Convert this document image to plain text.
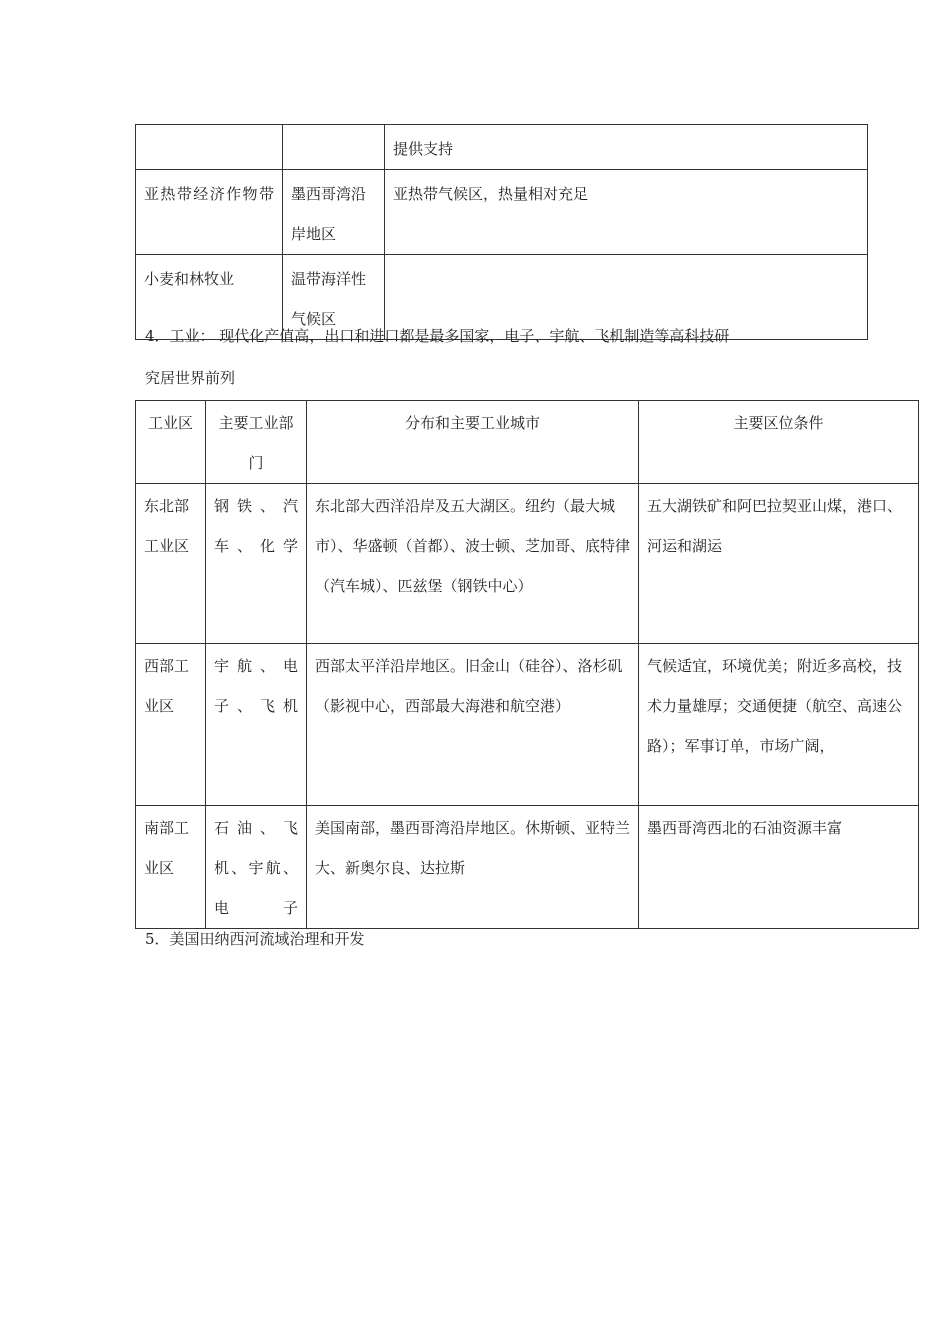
		提供支持
亚热带经济作物带	墨西哥湾沿岸地区	亚热带气候区，热量相对充足
小麦和林牧业	温带海洋性气候区	
4．工业： 现代化产值高，出口和进口都是最多国家，电子、宇航、飞机制造等高科技研
究居世界前列
工业区	主要工业部门	分布和主要工业城市	主要区位条件
东北部工业区	钢铁、汽车、化学	东北部大西洋沿岸及五大湖区。纽约（最大城市）、华盛顿（首都）、波士顿、芝加哥、底特律（汽车城）、匹兹堡（钢铁中心）	五大湖铁矿和阿巴拉契亚山煤，港口、河运和湖运
西部工业区	宇航、电子、飞机	西部太平洋沿岸地区。旧金山（硅谷）、洛杉矶（影视中心，西部最大海港和航空港）	气候适宜，环境优美；附近多高校，技术力量雄厚；交通便捷（航空、高速公路）；军事订单，市场广阔，
南部工业区	石油、飞机、宇航、电子	美国南部，墨西哥湾沿岸地区。休斯顿、亚特兰大、新奥尔良、达拉斯	墨西哥湾西北的石油资源丰富
5．美国田纳西河流域治理和开发
